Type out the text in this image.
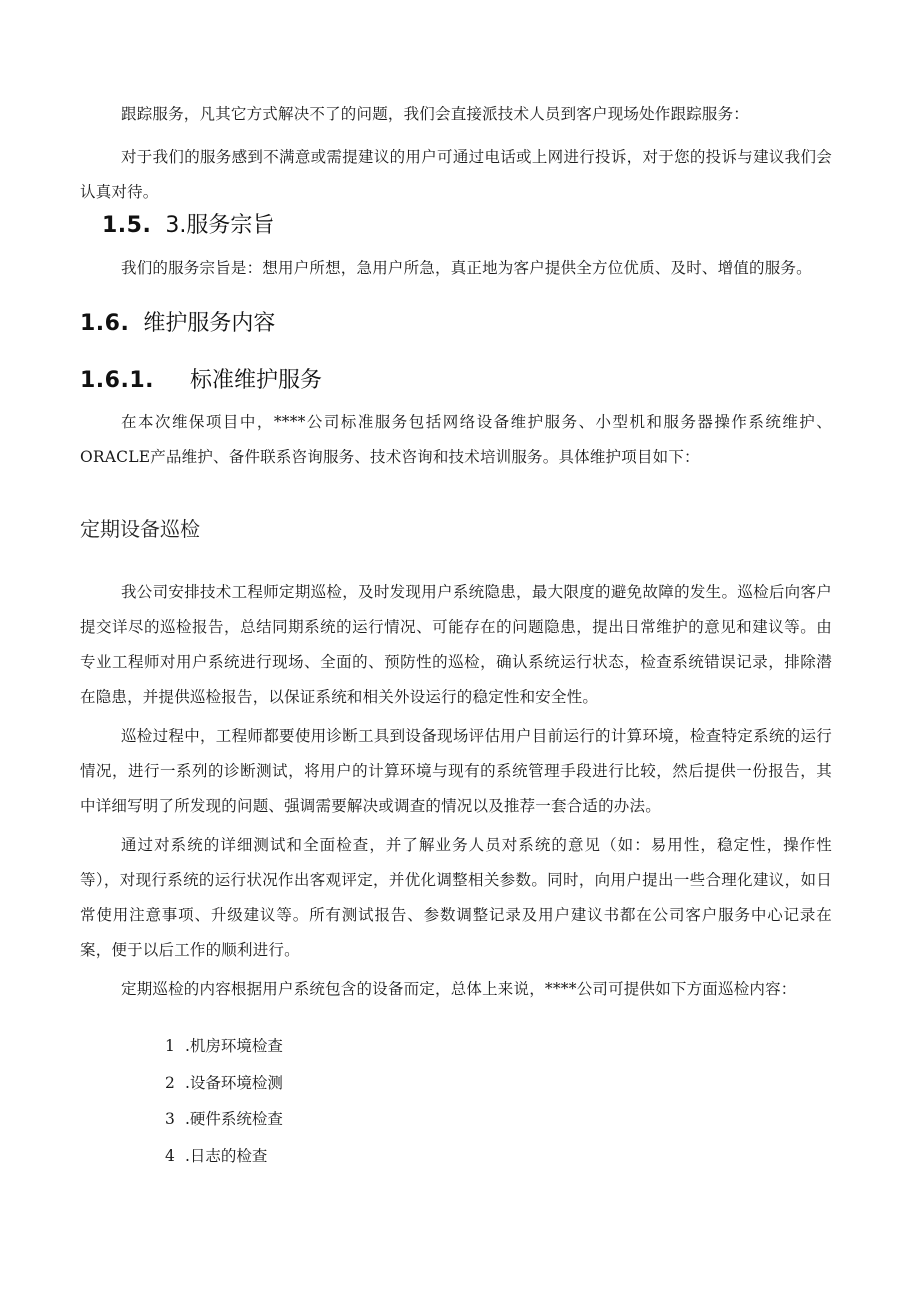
跟踪服务，凡其它方式解决不了的问题，我们会直接派技术人员到客户现场处作跟踪服务：

对于我们的服务感到不满意或需提建议的用户可通过电话或上网进行投诉，对于您的投诉与建议我们会认真对待。

1.5. 3.服务宗旨

我们的服务宗旨是：想用户所想，急用户所急，真正地为客户提供全方位优质、及时、增值的服务。

1.6. 维护服务内容
1.6.1. 标准维护服务

在本次维保项目中，****公司标准服务包括网络设备维护服务、小型机和服务器操作系统维护、ORACLE产品维护、备件联系咨询服务、技术咨询和技术培训服务。具体维护项目如下：

定期设备巡检

我公司安排技术工程师定期巡检，及时发现用户系统隐患，最大限度的避免故障的发生。巡检后向客户提交详尽的巡检报告，总结同期系统的运行情况、可能存在的问题隐患，提出日常维护的意见和建议等。由专业工程师对用户系统进行现场、全面的、预防性的巡检，确认系统运行状态，检查系统错误记录，排除潜在隐患，并提供巡检报告，以保证系统和相关外设运行的稳定性和安全性。

巡检过程中，工程师都要使用诊断工具到设备现场评估用户目前运行的计算环境，检查特定系统的运行情况，进行一系列的诊断测试，将用户的计算环境与现有的系统管理手段进行比较，然后提供一份报告，其中详细写明了所发现的问题、强调需要解决或调查的情况以及推荐一套合适的办法。

通过对系统的详细测试和全面检查，并了解业务人员对系统的意见（如：易用性，稳定性，操作性等），对现行系统的运行状况作出客观评定，并优化调整相关参数。同时，向用户提出一些合理化建议，如日常使用注意事项、升级建议等。所有测试报告、参数调整记录及用户建议书都在公司客户服务中心记录在案，便于以后工作的顺利进行。

定期巡检的内容根据用户系统包含的设备而定，总体上来说，****公司可提供如下方面巡检内容：

1 .机房环境检查
2 .设备环境检测
3 .硬件系统检查
4 .日志的检查
